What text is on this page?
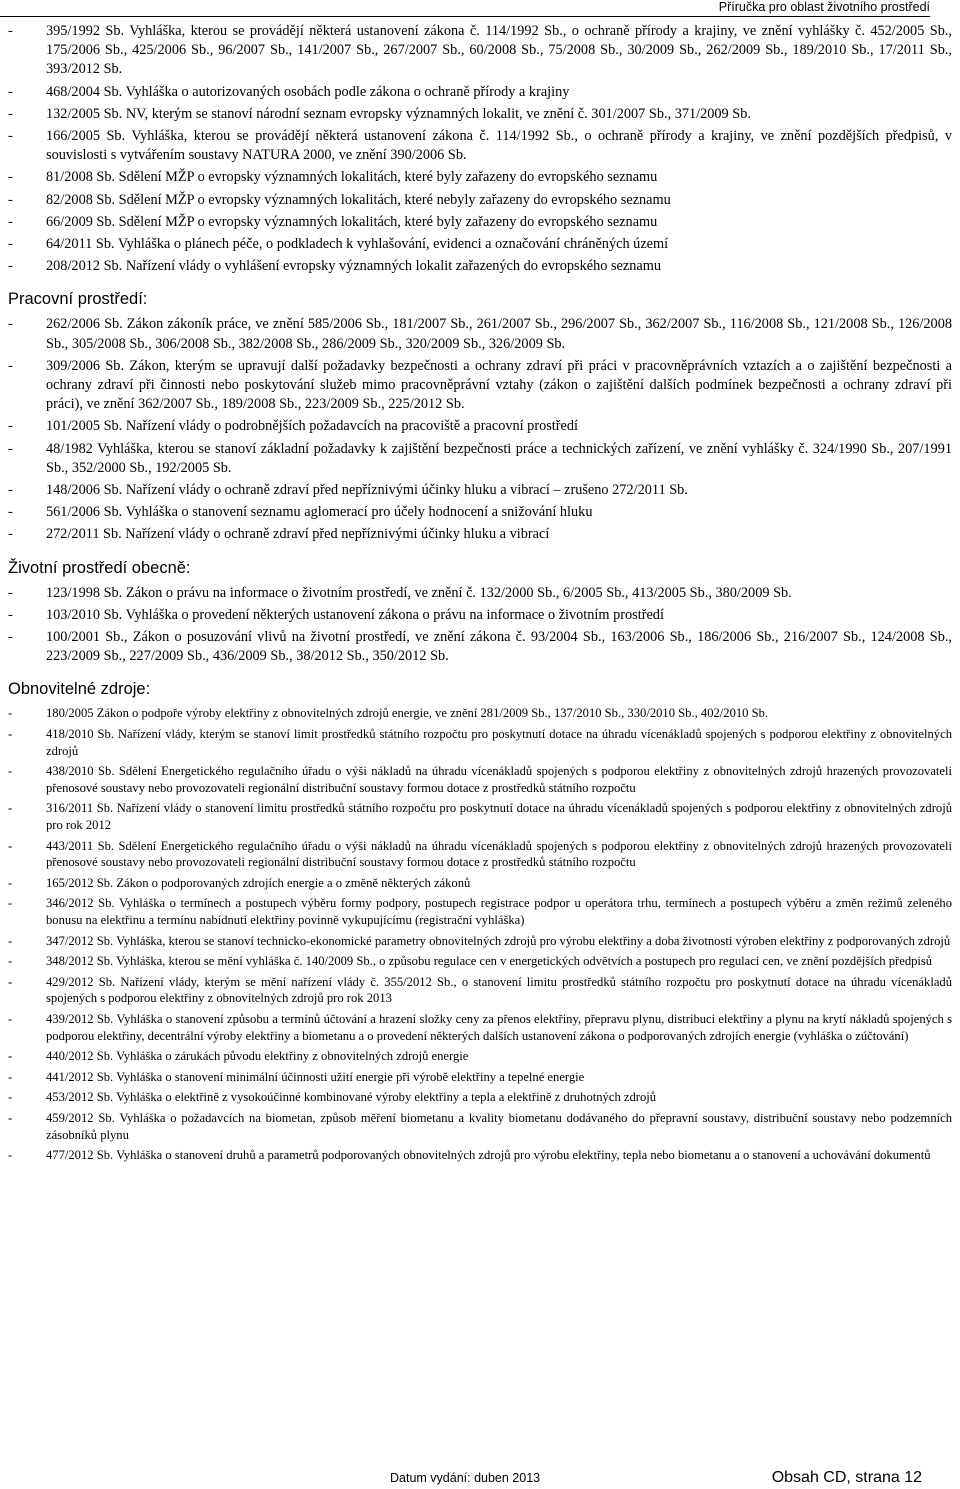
Příručka pro oblast životního prostředí
- 395/1992 Sb. Vyhláška, kterou se provádějí některá ustanovení zákona č. 114/1992 Sb., o ochraně přírody a krajiny, ve znění vyhlášky č. 452/2005 Sb., 175/2006 Sb., 425/2006 Sb., 96/2007 Sb., 141/2007 Sb., 267/2007 Sb., 60/2008 Sb., 75/2008 Sb., 30/2009 Sb., 262/2009 Sb., 189/2010 Sb., 17/2011 Sb., 393/2012 Sb.
- 468/2004 Sb. Vyhláška o autorizovaných osobách podle zákona o ochraně přírody a krajiny
- 132/2005 Sb. NV, kterým se stanoví národní seznam evropsky významných lokalit, ve znění č. 301/2007 Sb., 371/2009 Sb.
- 166/2005 Sb. Vyhláška, kterou se provádějí některá ustanovení zákona č. 114/1992 Sb., o ochraně přírody a krajiny, ve znění pozdějších předpisů, v souvislosti s vytvářením soustavy NATURA 2000, ve znění 390/2006 Sb.
- 81/2008 Sb. Sdělení MŽP o evropsky významných lokalitách, které byly zařazeny do evropského seznamu
- 82/2008 Sb. Sdělení MŽP o evropsky významných lokalitách, které nebyly zařazeny do evropského seznamu
- 66/2009 Sb. Sdělení MŽP o evropsky významných lokalitách, které byly zařazeny do evropského seznamu
- 64/2011 Sb. Vyhláška o plánech péče, o podkladech k vyhlašování, evidenci a označování chráněných území
- 208/2012 Sb. Nařízení vlády o vyhlášení evropsky významných lokalit zařazených do evropského seznamu
Pracovní prostředí:
- 262/2006 Sb. Zákon zákoník práce, ve znění 585/2006 Sb., 181/2007 Sb., 261/2007 Sb., 296/2007 Sb., 362/2007 Sb., 116/2008 Sb., 121/2008 Sb., 126/2008 Sb., 305/2008 Sb., 306/2008 Sb., 382/2008 Sb., 286/2009 Sb., 320/2009 Sb., 326/2009 Sb.
- 309/2006 Sb. Zákon, kterým se upravují další požadavky bezpečnosti a ochrany zdraví při práci v pracovněprávních vztazích a o zajištění bezpečnosti a ochrany zdraví při činnosti nebo poskytování služeb mimo pracovněprávní vztahy (zákon o zajištění dalších podmínek bezpečnosti a ochrany zdraví při práci), ve znění 362/2007 Sb., 189/2008 Sb., 223/2009 Sb., 225/2012 Sb.
- 101/2005 Sb. Nařízení vlády o podrobnějších požadavcích na pracoviště a pracovní prostředí
- 48/1982 Vyhláška, kterou se stanoví základní požadavky k zajištění bezpečnosti práce a technických zařízení, ve znění vyhlášky č. 324/1990 Sb., 207/1991 Sb., 352/2000 Sb., 192/2005 Sb.
- 148/2006 Sb. Nařízení vlády o ochraně zdraví před nepříznivými účinky hluku a vibrací – zrušeno 272/2011 Sb.
- 561/2006 Sb. Vyhláška o stanovení seznamu aglomerací pro účely hodnocení a snižování hluku
- 272/2011 Sb. Nařízení vlády o ochraně zdraví před nepříznivými účinky hluku a vibrací
Životní prostředí obecně:
- 123/1998 Sb. Zákon o právu na informace o životním prostředí, ve znění č. 132/2000 Sb., 6/2005 Sb., 413/2005 Sb., 380/2009 Sb.
- 103/2010 Sb. Vyhláška o provedení některých ustanovení zákona o právu na informace o životním prostředí
- 100/2001 Sb., Zákon o posuzování vlivů na životní prostředí, ve znění zákona č. 93/2004 Sb., 163/2006 Sb., 186/2006 Sb., 216/2007 Sb., 124/2008 Sb., 223/2009 Sb., 227/2009 Sb., 436/2009 Sb., 38/2012 Sb., 350/2012 Sb.
Obnovitelné zdroje:
-	180/2005 Zákon o podpoře výroby elektřiny z obnovitelných zdrojů energie, ve znění 281/2009 Sb., 137/2010 Sb., 330/2010 Sb., 402/2010 Sb.
-	418/2010 Sb. Nařízení vlády, kterým se stanoví limit prostředků státního rozpočtu pro poskytnutí dotace na úhradu vícenákladů spojených s podporou elektřiny z obnovitelných zdrojů
-	438/2010 Sb. Sdělení Energetického regulačního úřadu o výši nákladů na úhradu vícenákladů spojených s podporou elektřiny z obnovitelných zdrojů hrazených provozovateli přenosové soustavy nebo provozovateli regionální distribuční soustavy formou dotace z prostředků státního rozpočtu
-	316/2011 Sb. Nařízení vlády o stanovení limitu prostředků státního rozpočtu pro poskytnutí dotace na úhradu vícenákladů spojených s podporou elektřiny z obnovitelných zdrojů pro rok 2012
-	443/2011 Sb. Sdělení Energetického regulačního úřadu o výši nákladů na úhradu vícenákladů spojených s podporou elektřiny z obnovitelných zdrojů hrazených provozovateli přenosové soustavy nebo provozovateli regionální distribuční soustavy formou dotace z prostředků státního rozpočtu
-	165/2012 Sb. Zákon o podporovaných zdrojích energie a o změně některých zákonů
-	346/2012 Sb. Vyhláška o termínech a postupech výběru formy podpory, postupech registrace podpor u operátora trhu, termínech a postupech výběru a změn režimů zeleného bonusu na elektřinu a termínu nabídnutí elektřiny povinně vykupujícímu (registrační vyhláška)
-	347/2012 Sb. Vyhláška, kterou se stanoví technicko-ekonomické parametry obnovitelných zdrojů pro výrobu elektřiny a doba životnosti výroben elektřiny z podporovaných zdrojů
-	348/2012 Sb. Vyhláška, kterou se mění vyhláška č. 140/2009 Sb., o způsobu regulace cen v energetických odvětvích a postupech pro regulaci cen, ve znění pozdějších předpisů
-	429/2012 Sb. Nařízení vlády, kterým se mění nařízení vlády č. 355/2012 Sb., o stanovení limitu prostředků státního rozpočtu pro poskytnutí dotace na úhradu vícenákladů spojených s podporou elektřiny z obnovitelných zdrojů pro rok 2013
-	439/2012 Sb. Vyhláška o stanovení způsobu a termínů účtování a hrazení složky ceny za přenos elektřiny, přepravu plynu, distribuci elektřiny a plynu na krytí nákladů spojených s podporou elektřiny, decentrální výroby elektřiny a biometanu a o provedení některých dalších ustanovení zákona o podporovaných zdrojích energie (vyhláška o zúčtování)
-	440/2012 Sb. Vyhláška o zárukách původu elektřiny z obnovitelných zdrojů energie
-	441/2012 Sb. Vyhláška o stanovení minimální účinnosti užití energie při výrobě elektřiny a tepelné energie
-	453/2012 Sb. Vyhláška o elektřině z vysokoúčinné kombinované výroby elektřiny a tepla a elektřině z druhotných zdrojů
-	459/2012 Sb. Vyhláška o požadavcích na biometan, způsob měření biometanu a kvality biometanu dodávaného do přepravní soustavy, distribuční soustavy nebo podzemních zásobníků plynu
-	477/2012 Sb. Vyhláška o stanovení druhů a parametrů podporovaných obnovitelných zdrojů pro výrobu elektřiny, tepla nebo biometanu a o stanovení a uchovávání dokumentů
Datum vydání: duben 2013	Obsah CD, strana 12
